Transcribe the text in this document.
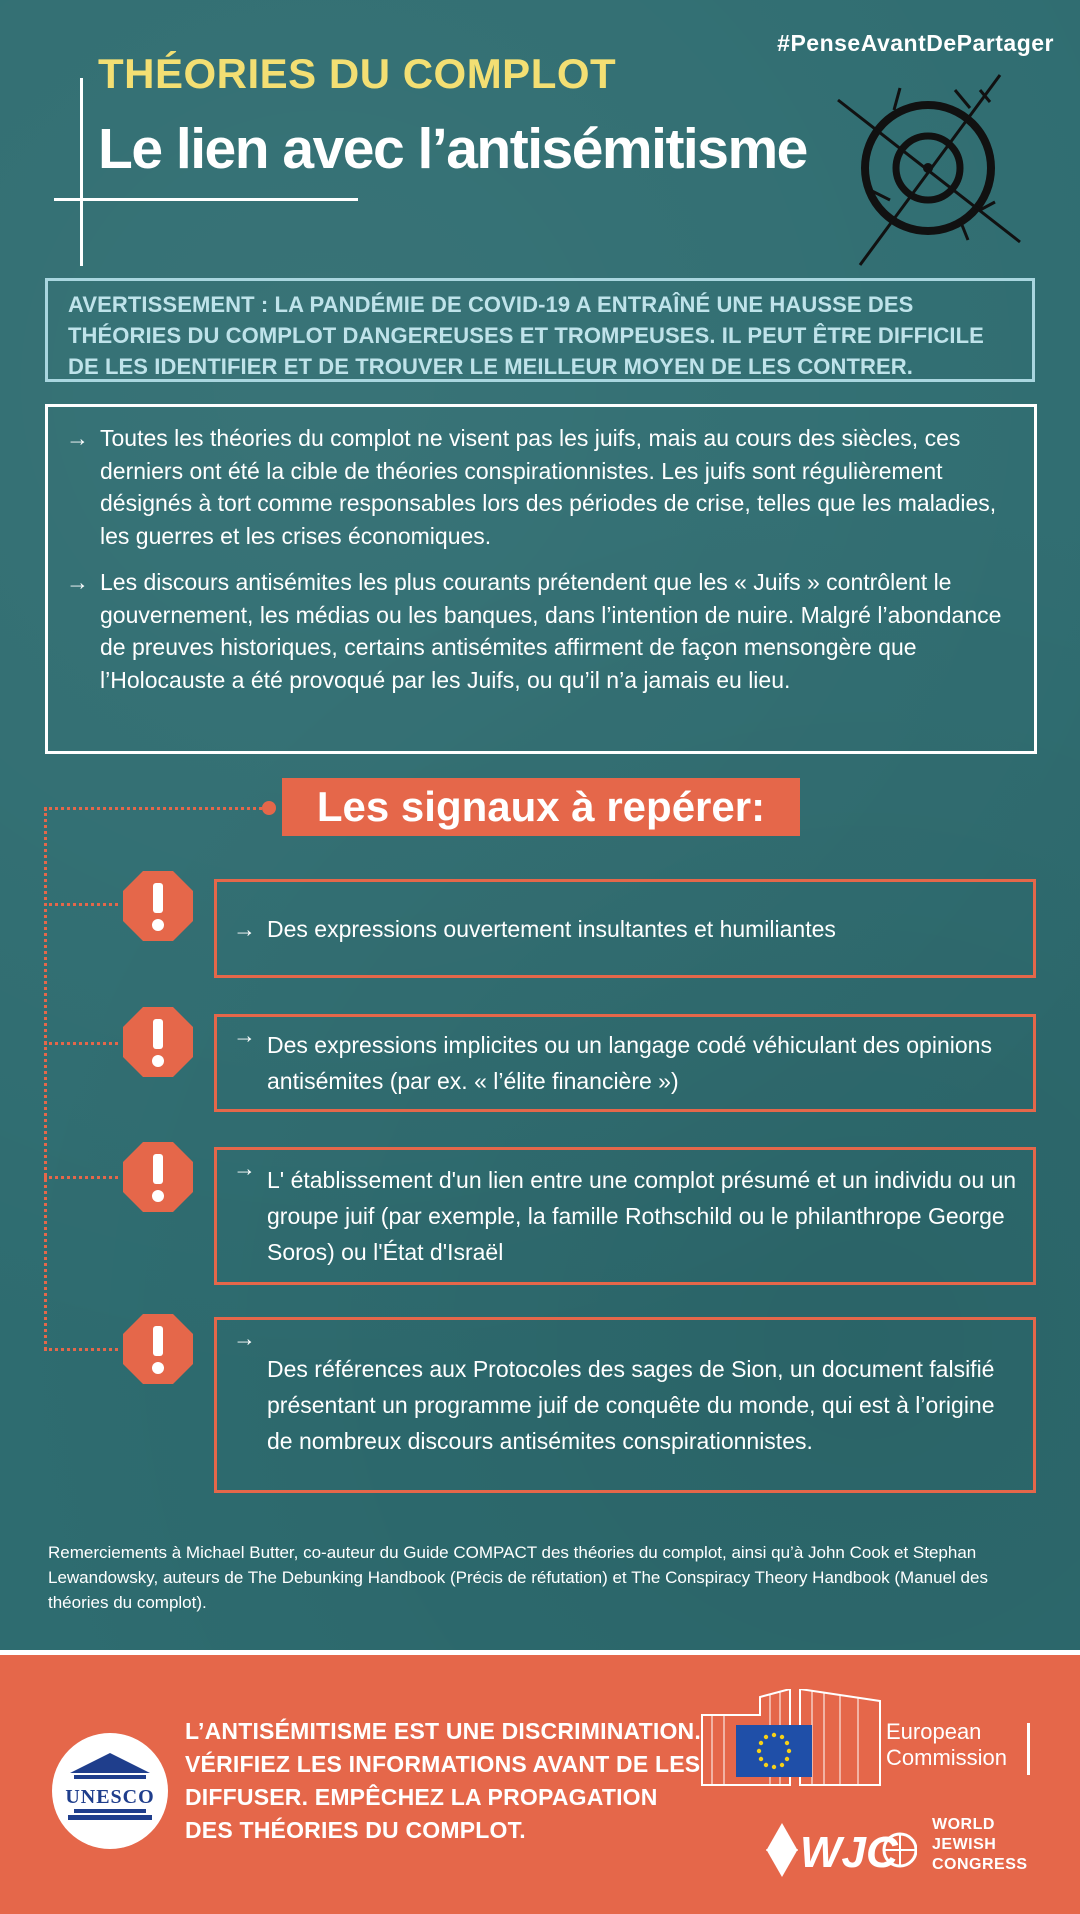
#PenseAvantDePartager
THÉORIES DU COMPLOT
Le lien avec l’antisémitisme
AVERTISSEMENT : LA PANDÉMIE DE COVID-19 A ENTRAÎNÉ UNE HAUSSE DES THÉORIES DU COMPLOT DANGEREUSES ET TROMPEUSES. IL PEUT ÊTRE DIFFICILE DE LES IDENTIFIER ET DE TROUVER LE MEILLEUR MOYEN DE LES CONTRER.
→ Toutes les théories du complot ne visent pas les juifs, mais au cours des siècles, ces derniers ont été la cible de théories conspirationnistes. Les juifs sont régulièrement désignés à tort comme responsables lors des périodes de crise, telles que les maladies, les guerres et les crises économiques.
→ Les discours antisémites les plus courants prétendent que les « Juifs » contrôlent le gouvernement, les médias ou les banques, dans l’intention de nuire. Malgré l’abondance de preuves historiques, certains antisémites affirment de façon mensongère que l’Holocauste a été provoqué par les Juifs, ou qu’il n’a jamais eu lieu.
Les signaux à repérer:
→ Des expressions ouvertement insultantes et humiliantes
→ Des expressions implicites ou un langage codé véhiculant des opinions antisémites (par ex. « l’élite financière »)
→ L' établissement d'un lien entre une complot présumé et un individu ou un groupe juif (par exemple, la famille Rothschild ou le philanthrope George Soros) ou l'État d'Israël
→
Des références aux Protocoles des sages de Sion, un document falsifié présentant un programme juif de conquête du monde, qui est à l’origine de nombreux discours antisémites conspirationnistes.
Remerciements à Michael Butter, co-auteur du Guide COMPACT des théories du complot, ainsi qu’à John Cook et Stephan Lewandowsky, auteurs de The Debunking Handbook (Précis de réfutation) et The Conspiracy Theory Handbook (Manuel des théories du complot).
UNESCO
L’ANTISÉMITISME EST UNE DISCRIMINATION. VÉRIFIEZ LES INFORMATIONS AVANT DE LES DIFFUSER. EMPÊCHEZ LA PROPAGATION DES THÉORIES DU COMPLOT.
European
Commission
WJC
WORLD
JEWISH
CONGRESS
